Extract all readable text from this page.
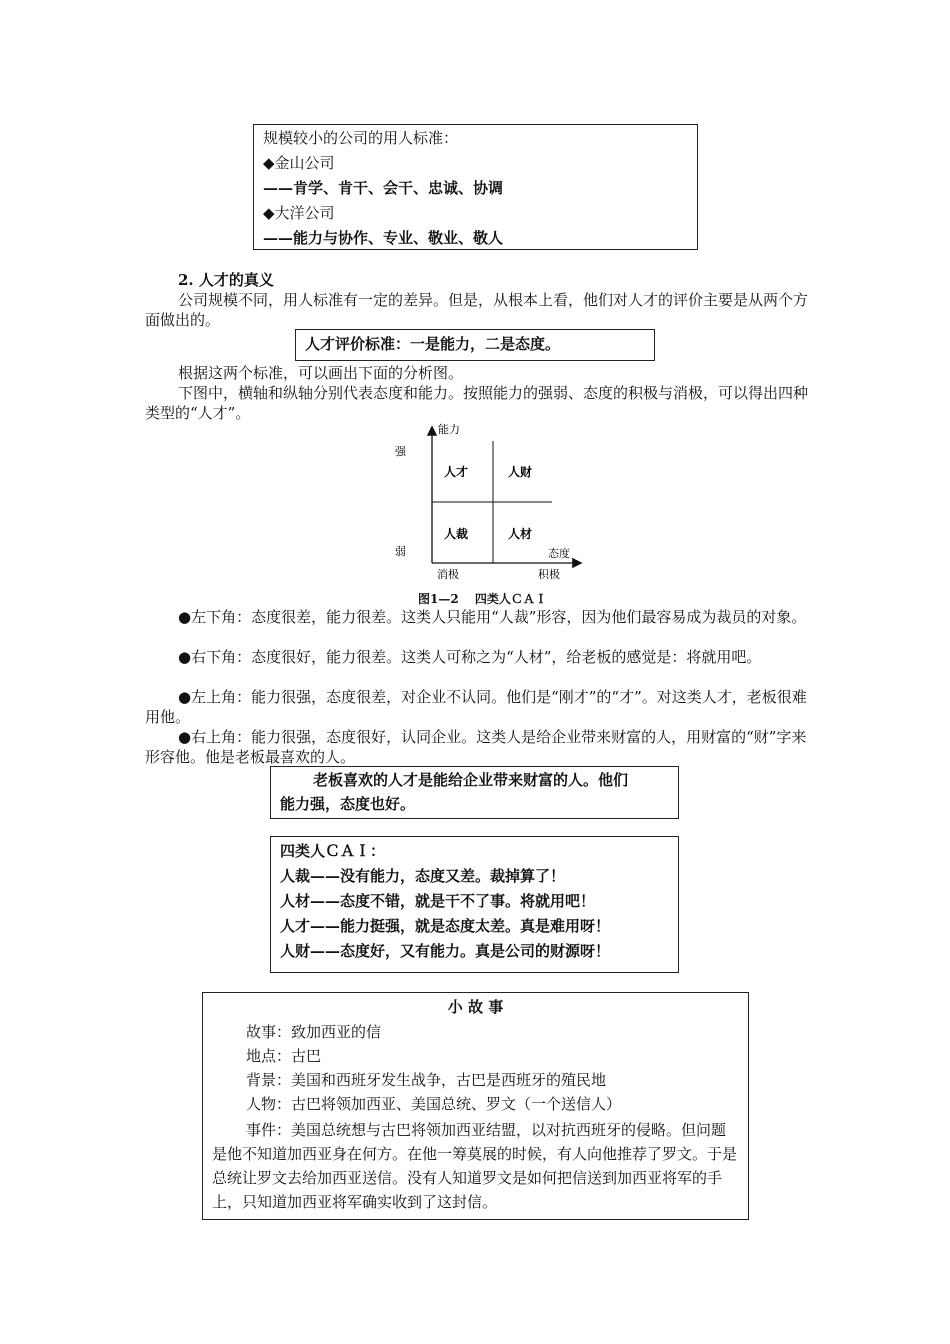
规模较小的公司的用人标准：
◆金山公司
——肯学、肯干、会干、忠诚、协调
◆大洋公司
——能力与协作、专业、敬业、敬人
2. 人才的真义
公司规模不同，用人标准有一定的差异。但是，从根本上看，他们对人才的评价主要是从两个方面做出的。
人才评价标准：一是能力，二是态度。
根据这两个标准，可以画出下面的分析图。
下图中，横轴和纵轴分别代表态度和能力。按照能力的强弱、态度的积极与消极，可以得出四种类型的“人才”。
能力
态度
强
弱
消极	积极
人才	人财
人裁	人材
图1—2　 四类人ＣＡＩ
●左下角：态度很差，能力很差。这类人只能用“人裁”形容，因为他们最容易成为裁员的对象。
●右下角：态度很好，能力很差。这类人可称之为“人材”，给老板的感觉是：将就用吧。
●左上角：能力很强，态度很差，对企业不认同。他们是“刚才”的“才”。对这类人才，老板很难用他。
●右上角：能力很强，态度很好，认同企业。这类人是给企业带来财富的人，用财富的“财”字来形容他。他是老板最喜欢的人。
老板喜欢的人才是能给企业带来财富的人。他们
能力强，态度也好。
四类人ＣＡＩ：
人裁——没有能力，态度又差。裁掉算了！
人材——态度不错，就是干不了事。将就用吧！
人才——能力挺强，就是态度太差。真是难用呀！
人财——态度好，又有能力。真是公司的财源呀！
小 故 事
故事：致加西亚的信
地点：古巴
背景：美国和西班牙发生战争，古巴是西班牙的殖民地
人物：古巴将领加西亚、美国总统、罗文（一个送信人）
事件：美国总统想与古巴将领加西亚结盟，以对抗西班牙的侵略。但问题是他不知道加西亚身在何方。在他一筹莫展的时候，有人向他推荐了罗文。于是总统让罗文去给加西亚送信。没有人知道罗文是如何把信送到加西亚将军的手上，只知道加西亚将军确实收到了这封信。
